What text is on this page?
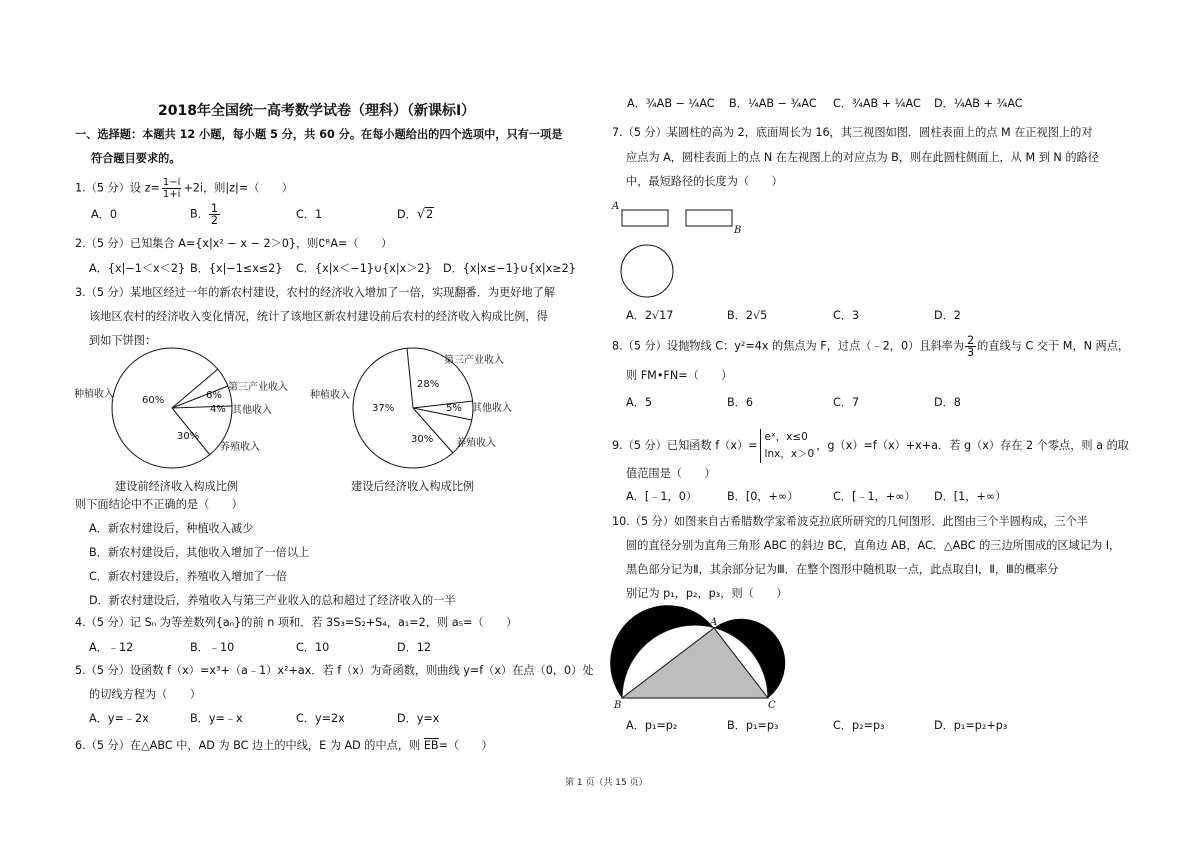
2018年全国统一高考数学试卷（理科）（新课标Ⅰ）
一、选择题：本题共 12 小题，每小题 5 分，共 60 分。在每小题给出的四个选项中，只有一项是
符合题目要求的。
1.（5 分）设 $z= \frac{1-i}{1+i} +2i$，则|z|=（　　）
A．0	B． $\frac{1}{2}$	C．1	D．√2
2.（5 分）已知集合 A={x|x² − x − 2＞0}，则∁ᴿA=（　　）
A．{x|−1＜x＜2} B．{x|−1≤x≤2} C．{x|x＜−1}∪{x|x＞2} D．{x|x≤−1}∪{x|x≥2}
3.（5 分）某地区经过一年的新农村建设，农村的经济收入增加了一倍，实现翻番．为更好地了解
该地区农村的经济收入变化情况，统计了该地区新农村建设前后农村的经济收入构成比例，得
到如下饼图：
60%	6%
4%
30%
种植收入
第三产业收入
其他收入
养殖收入
37%
28%
5%
30%
种植收入
第三产业收入
其他收入
养殖收入
建设前经济收入构成比例	建设后经济收入构成比例
则下面结论中不正确的是（　　）
A．新农村建设后，种植收入减少
B．新农村建设后，其他收入增加了一倍以上
C．新农村建设后，养殖收入增加了一倍
D．新农村建设后，养殖收入与第三产业收入的总和超过了经济收入的一半
4.（5 分）记 Sₙ 为等差数列{aₙ}的前 n 项和．若 3S₃=S₂+S₄，a₁=2，则 a₅=（　　）
A．﹣12	B．﹣10	C．10	D．12
5.（5 分）设函数 f（x）=x³+（a﹣1）x²+ax．若 f（x）为奇函数，则曲线 y=f（x）在点（0，0）处
的切线方程为（　　）
A．y=﹣2x	B．y=﹣x	C．y=2x	D．y=x
6.（5 分）在△ABC 中，AD 为 BC 边上的中线，E 为 AD 的中点，则 EB=（　　）
A．¾AB − ¼AC B．¼AB − ¾AC C．¾AB + ¼AC D．¼AB + ¾AC
7.（5 分）某圆柱的高为 2，底面周长为 16，其三视图如图．圆柱表面上的点 M 在正视图上的对
应点为 A，圆柱表面上的点 N 在左视图上的对应点为 B，则在此圆柱侧面上，从 M 到 N 的路径
中，最短路径的长度为（　　）
A
B
A．2√17	B．2√5	C．3	D．2
8.（5 分）设抛物线 C：y²=4x 的焦点为 F，过点（﹣2，0）且斜率为 $\frac{2}{3}$ 的直线与 C 交于 M，N 两点，
则 FM•FN=（　　）
A．5	B．6	C．7	D．8
9.（5 分）已知函数 f（x）=
eˣ，x≤0
lnx，x＞0
，g（x）=f（x）+x+a．若 g（x）存在 2 个零点，则 a 的取
值范围是（　　）
A．[﹣1，0）	B．[0，+∞）	C．[﹣1，+∞） D．[1，+∞）
10.（5 分）如图来自古希腊数学家希波克拉底所研究的几何图形．此图由三个半圆构成，三个半
圆的直径分别为直角三角形 ABC 的斜边 BC，直角边 AB，AC．△ABC 的三边所围成的区域记为 I，
黑色部分记为Ⅱ，其余部分记为Ⅲ．在整个图形中随机取一点，此点取自Ⅰ，Ⅱ，Ⅲ的概率分
别记为 p₁，p₂，p₃，则（　　）
A
B	C
A．p₁=p₂	B．p₁=p₃	C．p₂=p₃	D．p₁=p₂+p₃
第 1 页（共 15 页）
